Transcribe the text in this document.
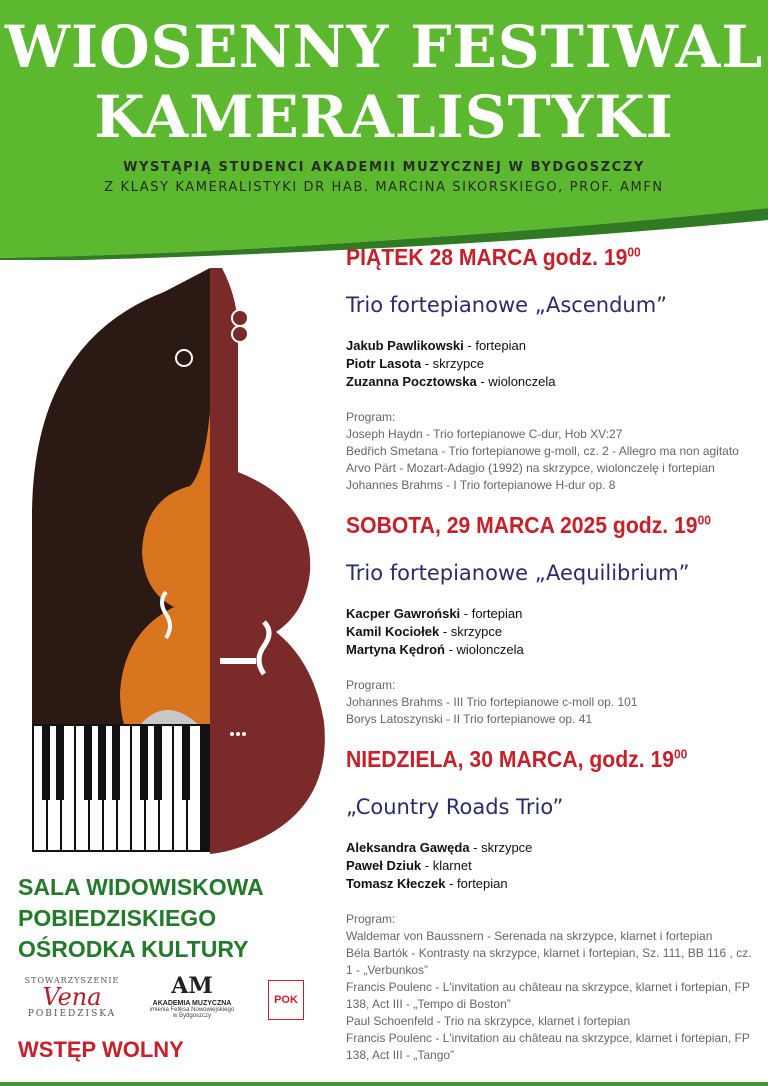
WIOSENNY FESTIWAL
KAMERALISTYKI
WYSTĄPIĄ STUDENCI AKADEMII MUZYCZNEJ W BYDGOSZCZY
Z KLASY KAMERALISTYKI DR HAB. MARCINA SIKORSKIEGO, PROF. AMFN
PIĄTEK 28 MARCA godz. $19^{00}$
Trio fortepianowe „Ascendum”
Jakub Pawlikowski - fortepian
Piotr Lasota - skrzypce
Zuzanna Pocztowska - wiolonczela
Program:
Joseph Haydn - Trio fortepianowe C-dur, Hob XV:27
Bedřich Smetana - Trio fortepianowe g-moll, cz. 2 - Allegro ma non agitato
Arvo Pärt - Mozart-Adagio (1992) na skrzypce, wiolonczelę i fortepian
Johannes Brahms - I Trio fortepianowe H-dur op. 8
SOBOTA, 29 MARCA 2025 godz. $19^{00}$
Trio fortepianowe „Aequilibrium”
Kacper Gawroński - fortepian
Kamil Kociołek - skrzypce
Martyna Kędroń - wiolonczela
Program:
Johannes Brahms - III Trio fortepianowe c-moll op. 101
Borys Latoszynski - II Trio fortepianowe op. 41
NIEDZIELA, 30 MARCA, godz. $19^{00}$
„Country Roads Trio”
Aleksandra Gawęda - skrzypce
Paweł Dziuk - klarnet
Tomasz Kłeczek - fortepian
Program:
Waldemar von Baussnern - Serenada na skrzypce, klarnet i fortepian
Béla Bartók - Kontrasty na skrzypce, klarnet i fortepian, Sz. 111, BB 116 , cz. 1 - „Verbunkos”
Francis Poulenc - L'invitation au château na skrzypce, klarnet i fortepian, FP 138, Act III - „Tempo di Boston”
Paul Schoenfeld - Trio na skrzypce, klarnet i fortepian
Francis Poulenc - L'invitation au château na skrzypce, klarnet i fortepian, FP 138, Act III - „Tango”
SALA WIDOWISKOWA
POBIEDZISKIEGO
OŚRODKA KULTURY
STOWARZYSZENIE
Vena
POBIEDZISKA
AM
AKADEMIA MUZYCZNA
imienia Feliksa Nowowiejskiego
w Bydgoszczy
POK
WSTĘP WOLNY
